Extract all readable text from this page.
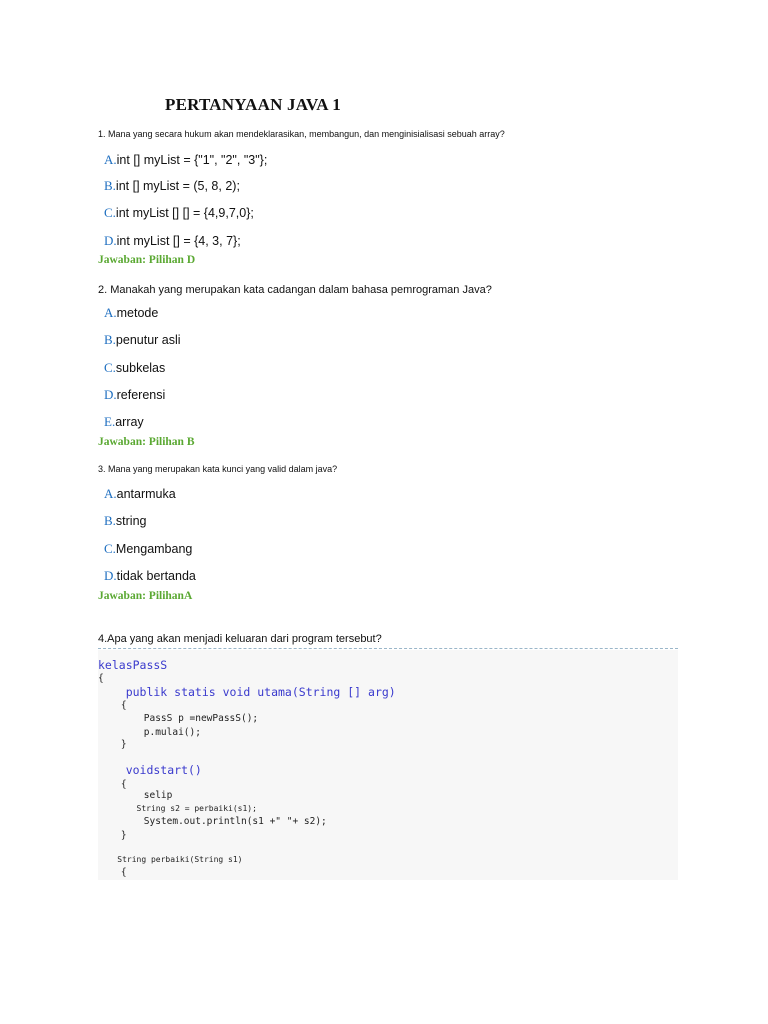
PERTANYAAN JAVA 1
1. Mana yang secara hukum akan mendeklarasikan, membangun, dan menginisialisasi sebuah array?
A.int [] myList = {"1", "2", "3"};
B.int [] myList = (5, 8, 2);
C.int myList [] [] = {4,9,7,0};
D.int myList [] = {4, 3, 7};
Jawaban: Pilihan D
2. Manakah yang merupakan kata cadangan dalam bahasa pemrograman Java?
A.metode
B.penutur asli
C.subkelas
D.referensi
E.array
Jawaban: Pilihan B
3. Mana yang merupakan kata kunci yang valid dalam java?
A.antarmuka
B.string
C.Mengambang
D.tidak bertanda
Jawaban: PilihanA
4.Apa yang akan menjadi keluaran dari program tersebut?
kelasPassS
{
publik statis void utama(String [] arg)
{
PassS p =newPassS();
p.mulai();
}
voidstart()
{
selip
String s2 = perbaiki(s1);
System.out.println(s1 +" "+ s2);
}
String perbaiki(String s1)
{
